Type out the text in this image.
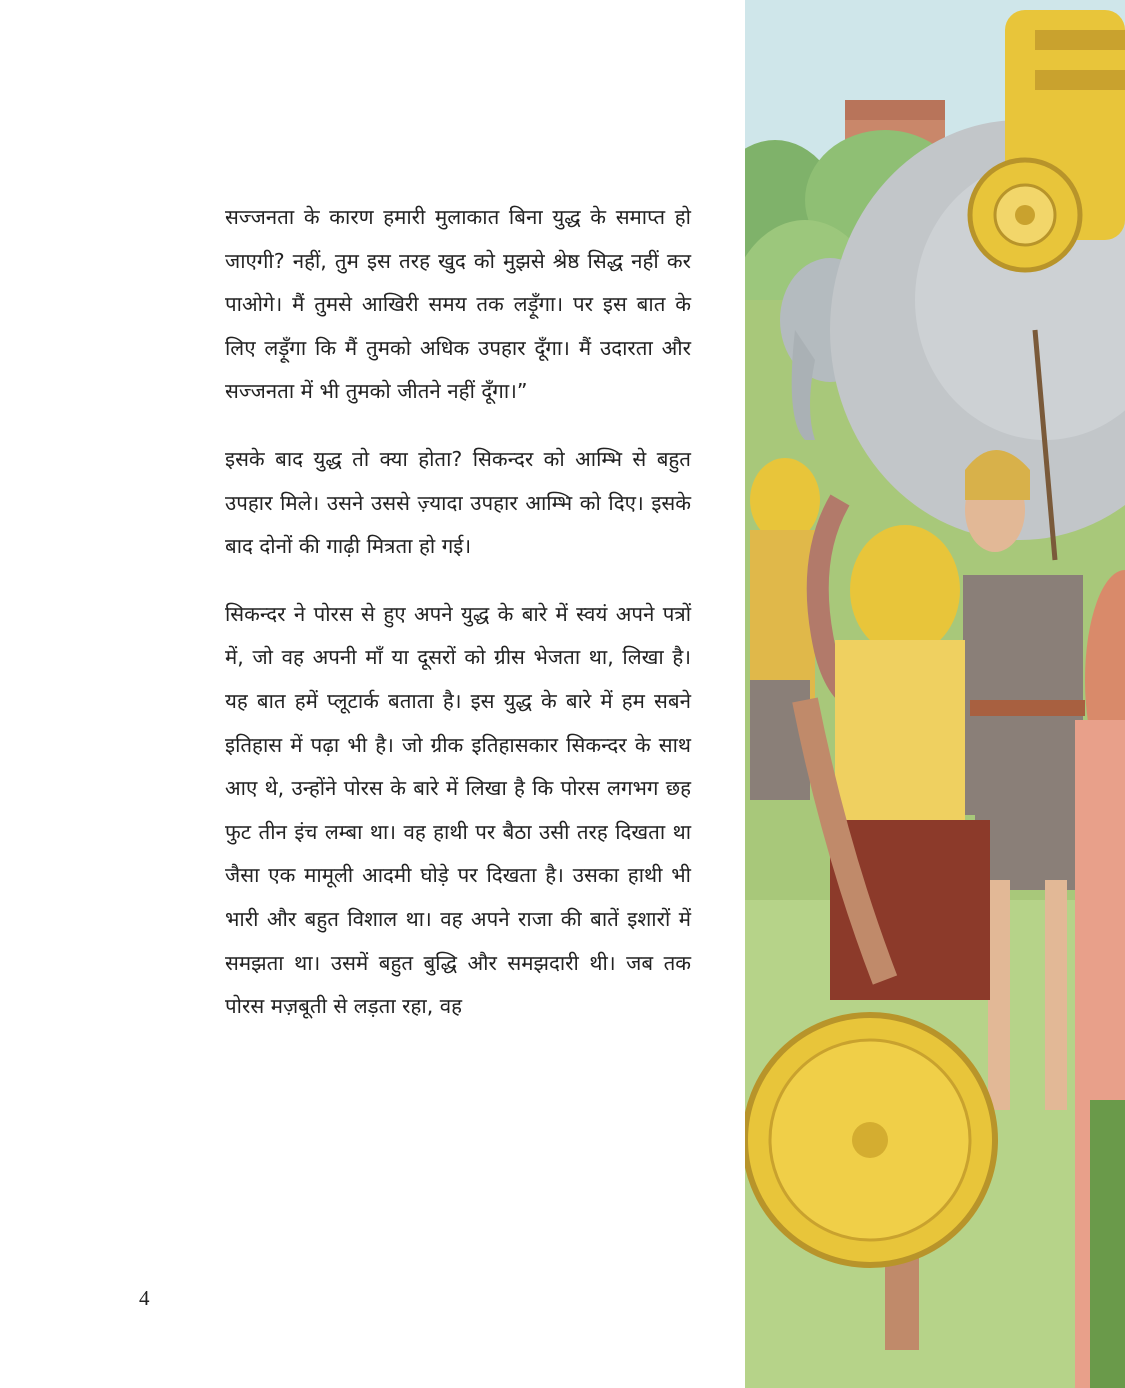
सज्जनता के कारण हमारी मुलाकात बिना युद्ध के समाप्त हो जाएगी? नहीं, तुम इस तरह खुद को मुझसे श्रेष्ठ सिद्ध नहीं कर पाओगे। मैं तुमसे आखिरी समय तक लड़ूँगा। पर इस बात के लिए लड़ूँगा कि मैं तुमको अधिक उपहार दूँगा। मैं उदारता और सज्जनता में भी तुमको जीतने नहीं दूँगा।”

इसके बाद युद्ध तो क्या होता? सिकन्दर को आम्भि से बहुत उपहार मिले। उसने उससे ज़्यादा उपहार आम्भि को दिए। इसके बाद दोनों की गाढ़ी मित्रता हो गई।

सिकन्दर ने पोरस से हुए अपने युद्ध के बारे में स्वयं अपने पत्रों में, जो वह अपनी माँ या दूसरों को ग्रीस भेजता था, लिखा है। यह बात हमें प्लूटार्क बताता है। इस युद्ध के बारे में हम सबने इतिहास में पढ़ा भी है। जो ग्रीक इतिहासकार सिकन्दर के साथ आए थे, उन्होंने पोरस के बारे में लिखा है कि पोरस लगभग छह फुट तीन इंच लम्बा था। वह हाथी पर बैठा उसी तरह दिखता था जैसा एक मामूली आदमी घोड़े पर दिखता है। उसका हाथी भी भारी और बहुत विशाल था। वह अपने राजा की बातें इशारों में समझता था। उसमें बहुत बुद्धि और समझदारी थी। जब तक पोरस मज़बूती से लड़ता रहा, वह

4
